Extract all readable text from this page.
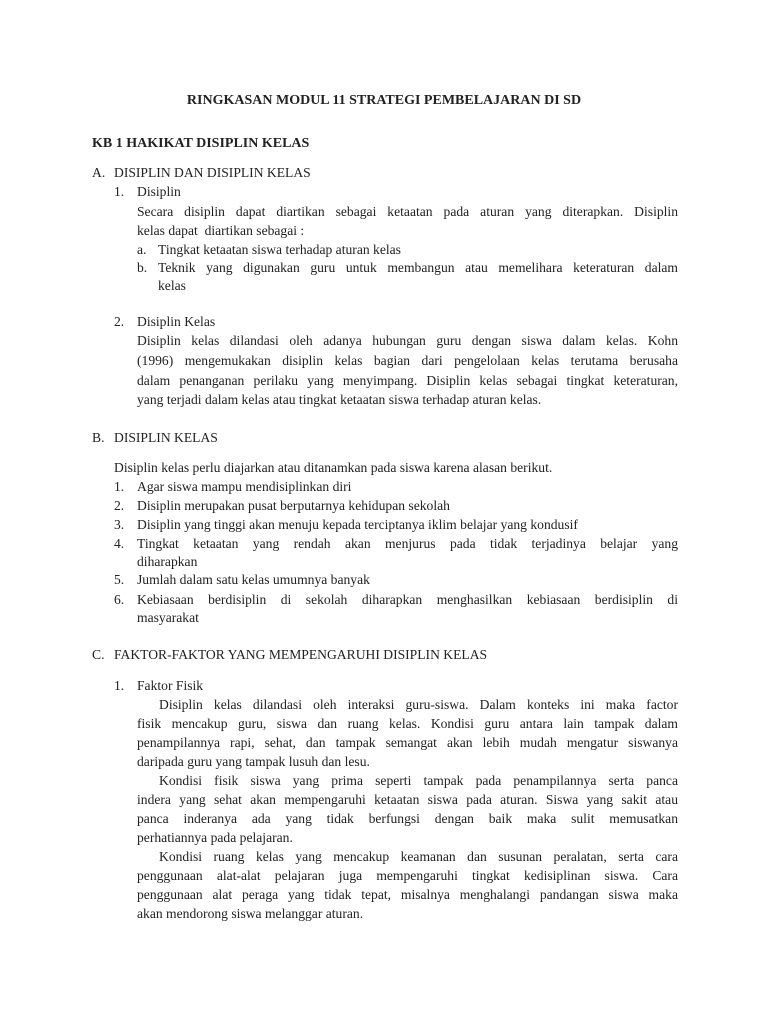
RINGKASAN MODUL 11 STRATEGI PEMBELAJARAN DI SD
KB 1 HAKIKAT DISIPLIN KELAS
A. DISIPLIN DAN DISIPLIN KELAS
1. Disiplin
Secara disiplin dapat diartikan sebagai ketaatan pada aturan yang diterapkan. Disiplin
kelas dapat  diartikan sebagai :
a. Tingkat ketaatan siswa terhadap aturan kelas
b. Teknik yang digunakan guru untuk membangun atau memelihara keteraturan dalam
kelas
2. Disiplin Kelas
Disiplin kelas dilandasi oleh adanya hubungan guru dengan siswa dalam kelas. Kohn
(1996) mengemukakan disiplin kelas bagian dari pengelolaan kelas terutama berusaha
dalam penanganan perilaku yang menyimpang. Disiplin kelas sebagai tingkat keteraturan,
yang terjadi dalam kelas atau tingkat ketaatan siswa terhadap aturan kelas.
B. DISIPLIN KELAS
Disiplin kelas perlu diajarkan atau ditanamkan pada siswa karena alasan berikut.
1. Agar siswa mampu mendisiplinkan diri
2. Disiplin merupakan pusat berputarnya kehidupan sekolah
3. Disiplin yang tinggi akan menuju kepada terciptanya iklim belajar yang kondusif
4. Tingkat ketaatan yang rendah akan menjurus pada tidak terjadinya belajar yang
diharapkan
5. Jumlah dalam satu kelas umumnya banyak
6. Kebiasaan berdisiplin di sekolah diharapkan menghasilkan kebiasaan berdisiplin di
masyarakat
C. FAKTOR-FAKTOR YANG MEMPENGARUHI DISIPLIN KELAS
1. Faktor Fisik
Disiplin kelas dilandasi oleh interaksi guru-siswa. Dalam konteks ini maka factor
fisik mencakup guru, siswa dan ruang kelas. Kondisi guru antara lain tampak dalam
penampilannya rapi, sehat, dan tampak semangat akan lebih mudah mengatur siswanya
daripada guru yang tampak lusuh dan lesu.
Kondisi fisik siswa yang prima seperti tampak pada penampilannya serta panca
indera yang sehat akan mempengaruhi ketaatan siswa pada aturan. Siswa yang sakit atau
panca inderanya ada yang tidak berfungsi dengan baik maka sulit memusatkan
perhatiannya pada pelajaran.
Kondisi ruang kelas yang mencakup keamanan dan susunan peralatan, serta cara
penggunaan alat-alat pelajaran juga mempengaruhi tingkat kedisiplinan siswa. Cara
penggunaan alat peraga yang tidak tepat, misalnya menghalangi pandangan siswa maka
akan mendorong siswa melanggar aturan.
